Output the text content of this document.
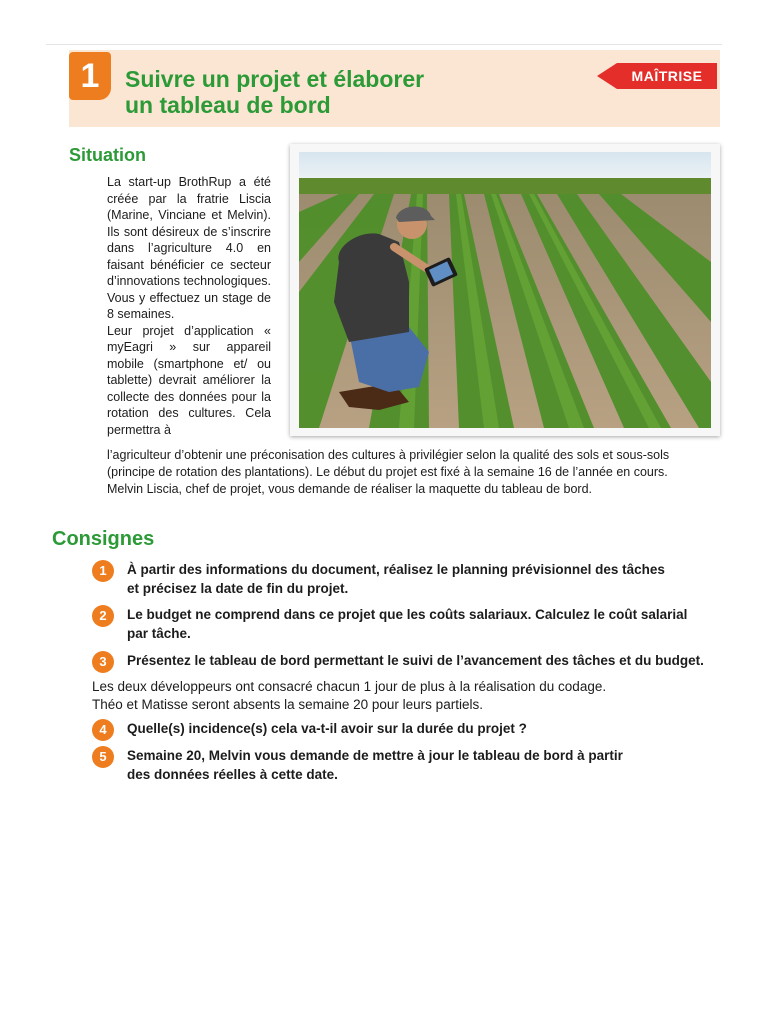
1	Suivre un projet et élaborer
un tableau de bord
MAÎTRISE
Situation

La start-up BrothRup a été créée par la fratrie Liscia (Marine, Vinciane et Melvin). Ils sont désireux de s’inscrire dans l’agriculture 4.0 en faisant bénéficier ce secteur d’innovations technologiques. Vous y effectuez un stage de 8 semaines.

Leur projet d’application « myEagri » sur appareil mobile (smartphone et/ ou tablette) devrait améliorer la collecte des données pour la rotation des cultures. Cela permettra à

l’agriculteur d’obtenir une préconisation des cultures à privilégier selon la qualité des sols et sous-sols (principe de rotation des plantations). Le début du projet est fixé à la semaine 16 de l’année en cours. Melvin Liscia, chef de projet, vous demande de réaliser la maquette du tableau de bord.

Consignes
1	À partir des informations du document, réalisez le planning prévisionnel des tâches
et précisez la date de fin du projet.

2	Le budget ne comprend dans ce projet que les coûts salariaux. Calculez le coût salarial
par tâche.

3	Présentez le tableau de bord permettant le suivi de l’avancement des tâches et du budget.

Les deux développeurs ont consacré chacun 1 jour de plus à la réalisation du codage.

Théo et Matisse seront absents la semaine 20 pour leurs partiels.

4	Quelle(s) incidence(s) cela va-t-il avoir sur la durée du projet ?

5	Semaine 20, Melvin vous demande de mettre à jour le tableau de bord à partir
des données réelles à cette date.
